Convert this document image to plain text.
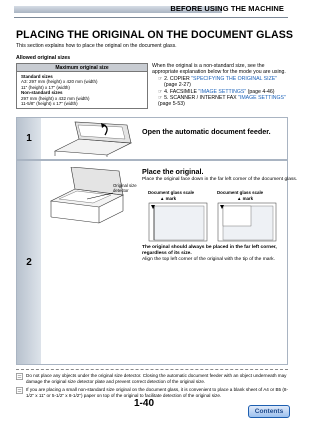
BEFORE USING THE MACHINE
PLACING THE ORIGINAL ON THE DOCUMENT GLASS
This section explains how to place the original on the document glass.
Allowed original sizes
Maximum original size
Standard sizes
A3: 297 mm (height) x 420 mm (width)
11" (height) x 17" (width)
Non-standard sizes
297 mm (height) x 432 mm (width)
11-5/8" (height) x 17" (width)
When the original is a non-standard size, see the appropriate explanation below for the mode you are using.
☞ 2. COPIER "SPECIFYING THE ORIGINAL SIZE"
(page 2-27)
☞ 4. FACSIMILE "IMAGE SETTINGS" (page 4-46)
☞ 5. SCANNER / INTERNET FAX "IMAGE SETTINGS" (page 5-53)
1
Open the automatic document feeder.
2
Original size detector
Place the original.
Place the original face down in the far left corner of the document glass.
Document glass scale	Document glass scale
▲ mark	▲ mark
The original should always be placed in the far left corner, regardless of its size.
Align the top left corner of the original with the tip of the mark.
Do not place any objects under the original size detector. Closing the automatic document feeder with an object underneath may damage the original size detector plate and prevent correct detection of the original size.
If you are placing a small non-standard size original on the document glass, it is convenient to place a blank sheet of A4 or B5 (8-1/2" x 11" or 5-1/2" x 8-1/2") paper on top of the original to facilitate detection of the original size.
1-40
Contents
